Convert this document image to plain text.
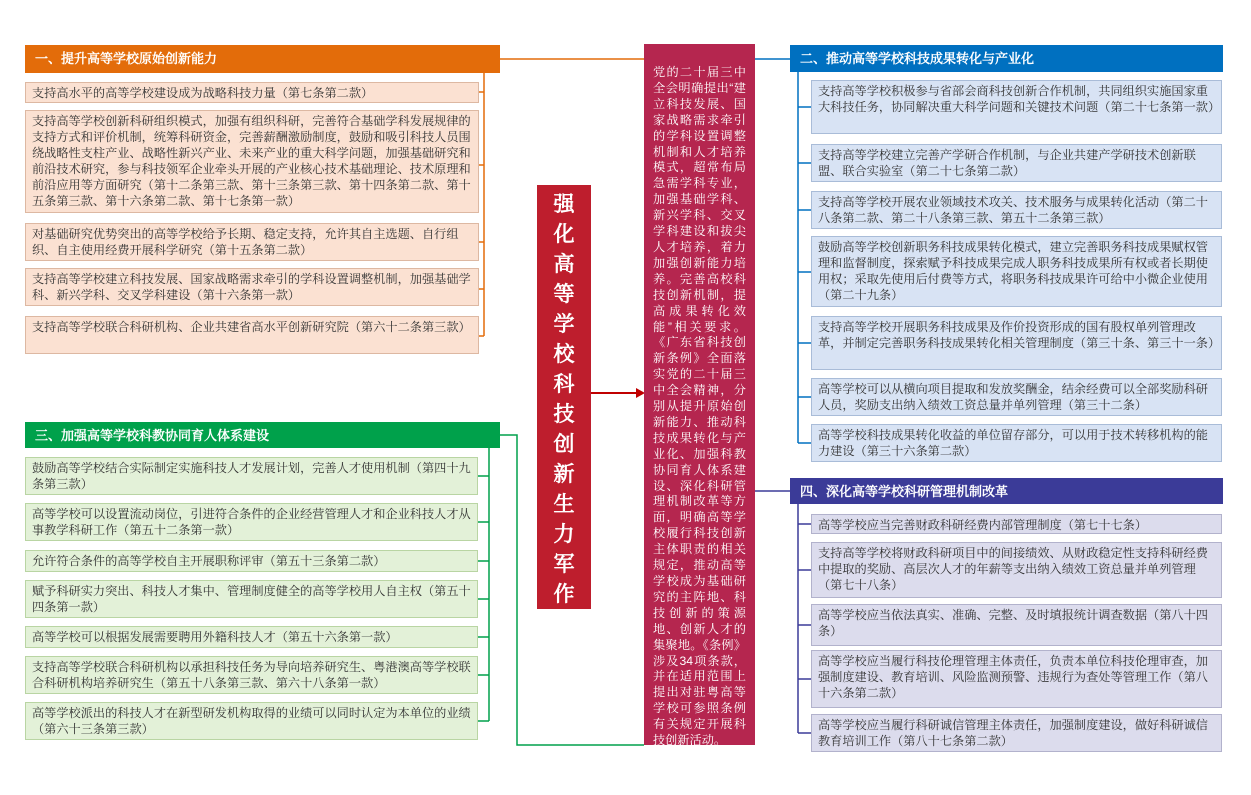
强
化
高
等
学
校
科
技
创
新
生
力
军
作
用
党的二十届三中全会明确提出“建立科技发展、国家战略需求牵引的学科设置调整机制和人才培养模式，超常布局急需学科专业，加强基础学科、新兴学科、交叉学科建设和拔尖人才培养，着力加强创新能力培养。完善高校科技创新机制，提高成果转化效能”相关要求。《广东省科技创新条例》全面落实党的二十届三中全会精神，分别从提升原始创新能力、推动科技成果转化与产业化、加强科教协同育人体系建设、深化科研管理机制改革等方面，明确高等学校履行科技创新主体职责的相关规定，推动高等学校成为基础研究的主阵地、科技创新的策源地、创新人才的集聚地。《条例》涉及34项条款，并在适用范围上提出对驻粤高等学校可参照条例有关规定开展科技创新活动。
一、提升高等学校原始创新能力
支持高水平的高等学校建设成为战略科技力量（第七条第二款）
支持高等学校创新科研组织模式，加强有组织科研，完善符合基础学科发展规律的支持方式和评价机制，统筹科研资金，完善薪酬激励制度，鼓励和吸引科技人员围绕战略性支柱产业、战略性新兴产业、未来产业的重大科学问题，加强基础研究和前沿技术研究，参与科技领军企业牵头开展的产业核心技术基础理论、技术原理和前沿应用等方面研究（第十二条第三款、第十三条第三款、第十四条第二款、第十五条第三款、第十六条第二款、第十七条第一款）
对基础研究优势突出的高等学校给予长期、稳定支持，允许其自主选题、自行组织、自主使用经费开展科学研究（第十五条第二款）
支持高等学校建立科技发展、国家战略需求牵引的学科设置调整机制，加强基础学科、新兴学科、交叉学科建设（第十六条第一款）
支持高等学校联合科研机构、企业共建省高水平创新研究院（第六十二条第三款）
二、推动高等学校科技成果转化与产业化
支持高等学校积极参与省部会商科技创新合作机制，共同组织实施国家重大科技任务，协同解决重大科学问题和关键技术问题（第二十七条第一款）
支持高等学校建立完善产学研合作机制，与企业共建产学研技术创新联盟、联合实验室（第二十七条第二款）
支持高等学校开展农业领域技术攻关、技术服务与成果转化活动（第二十八条第二款、第二十八条第三款、第五十二条第三款）
鼓励高等学校创新职务科技成果转化模式，建立完善职务科技成果赋权管理和监督制度，探索赋予科技成果完成人职务科技成果所有权或者长期使用权；采取先使用后付费等方式，将职务科技成果许可给中小微企业使用（第二十九条）
支持高等学校开展职务科技成果及作价投资形成的国有股权单列管理改革，并制定完善职务科技成果转化相关管理制度（第三十条、第三十一条）
高等学校可以从横向项目提取和发放奖酬金，结余经费可以全部奖励科研人员，奖励支出纳入绩效工资总量并单列管理（第三十二条）
高等学校科技成果转化收益的单位留存部分，可以用于技术转移机构的能力建设（第三十六条第二款）
三、加强高等学校科教协同育人体系建设
鼓励高等学校结合实际制定实施科技人才发展计划，完善人才使用机制（第四十九条第三款）
高等学校可以设置流动岗位，引进符合条件的企业经营管理人才和企业科技人才从事教学科研工作（第五十二条第一款）
允许符合条件的高等学校自主开展职称评审（第五十三条第二款）
赋予科研实力突出、科技人才集中、管理制度健全的高等学校用人自主权（第五十四条第一款）
高等学校可以根据发展需要聘用外籍科技人才（第五十六条第一款）
支持高等学校联合科研机构以承担科技任务为导向培养研究生、粤港澳高等学校联合科研机构培养研究生（第五十八条第三款、第六十八条第一款）
高等学校派出的科技人才在新型研发机构取得的业绩可以同时认定为本单位的业绩（第六十三条第三款）
四、深化高等学校科研管理机制改革
高等学校应当完善财政科研经费内部管理制度（第七十七条）
支持高等学校将财政科研项目中的间接绩效、从财政稳定性支持科研经费中提取的奖励、高层次人才的年薪等支出纳入绩效工资总量并单列管理（第七十八条）
高等学校应当依法真实、准确、完整、及时填报统计调查数据（第八十四条）
高等学校应当履行科技伦理管理主体责任，负责本单位科技伦理审查，加强制度建设、教育培训、风险监测预警、违规行为查处等管理工作（第八十六条第二款）
高等学校应当履行科研诚信管理主体责任，加强制度建设，做好科研诚信教育培训工作（第八十七条第二款）
